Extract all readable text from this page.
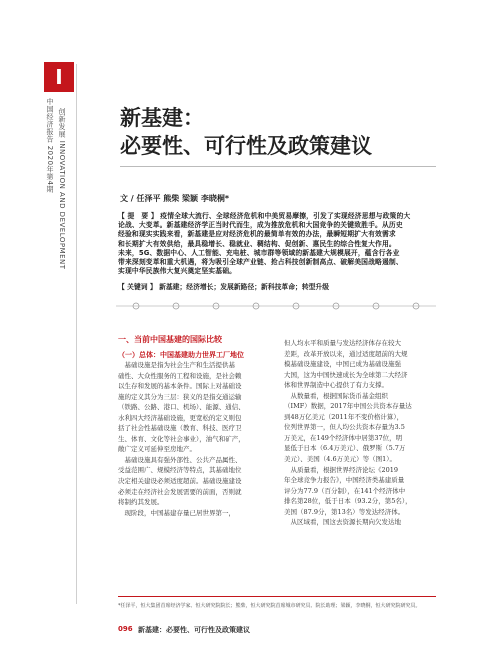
I
创新发展 INNOVATION AND DEVELOPMENT
中国经济报告 2020年第4期	新基建：
必要性、可行性及政策建议
文 / 任泽平 熊柴 梁颖 李晓桐*
【 提　要 】 疫情全球大流行、全球经济危机和中美贸易摩擦，引发了实现经济思想与政策的大
论战、大变革。新基建经济学正当时代而生，成为推放危机和大国竞争的关键致胜手。从历史
经验和现实实践来看，新基建是应对经济危机的最简单有效的办法，最瞬短期扩大有效需求
和长期扩大有效供给，最具稳增长、稳就业、稠结构、促创新、惠民生的综合性复大作用。
未来，5G、数据中心、人工智能、充电桩、城市群等领域的新基建大规模展开，蕴含行各业
带来深刻变革和重大机遇，将为吸引全球产业链、抢占科技创新制高点、破解美国战略遏制、
实现中华民族伟大复兴奠定坚实基础。
【 关键词 】 新基建；经济增长；发展新路径；新科技革命；转型升级
一、当前中国基建的国际比较
（一）总体：中国基建助力世界工厂地位
　基础设施是指为社会生产和生活提供基
础性、大众性服务的工程和设施，是社会赖
以生存和发展的基本条件。国际上对基础设
施的定义其分为三层：狭义的是指交通运输
（铁路、公路、港口、机场）、能源、通信、
水利四大经济基础设施，更宽松的定义则包
括了社会性基础设施（教育、科技、医疗卫
生、体育、文化等社会事业），油气和矿产，
敞广定义可延伸至房地产。
　基础设施具有强外部性、公共产品属性、
受益范围广、规模经济等特点，其基础地位
决定相关建设必须适度超前。基础设施建设
必须走在经济社会发展需要的前面，否则就
将制约其发展。
　现阶段，中国基建存量已居世界第一，
但人均水平和质量与发达经济体存在较大
差距，改革开放以来，通过适度超前的大规
模基础设施建设，中国已成为基础设施强
大国，这为中国快速成长为全球第二大经济
体和世界制造中心提供了有力支撑。
　从数量看，根据国际货币基金组织
（IMF）数据，2017年中国公共资本存量达
到48万亿美元（2011年不变价格计算），
位列世界第一，但人均公共资本存量为3.5
万美元，在149个经济体中居第37位，明
显低于日本（6.4万美元）、俄罗斯（5.7万
美元）、美国（4.6万美元）等（图1）。
　从质量看，根据世界经济论坛《2019
年全球竞争力报告》，中国经济类基建质量
评分为77.9（百分制），在141个经济体中
排名第28位，低于日本（93.2分，第5名），
美国（87.9分，第13名）等发达经济体。
　从区域看，国这去资源长期向欠发达地
*任泽平，恒大集团首席经济学家、恒大研究院院长；熊柴，恒大研究院首席城市研究员、院长助理；梁颖，李晓桐，恒大研究院研究员。
096 新基建：必要性、可行性及政策建议
